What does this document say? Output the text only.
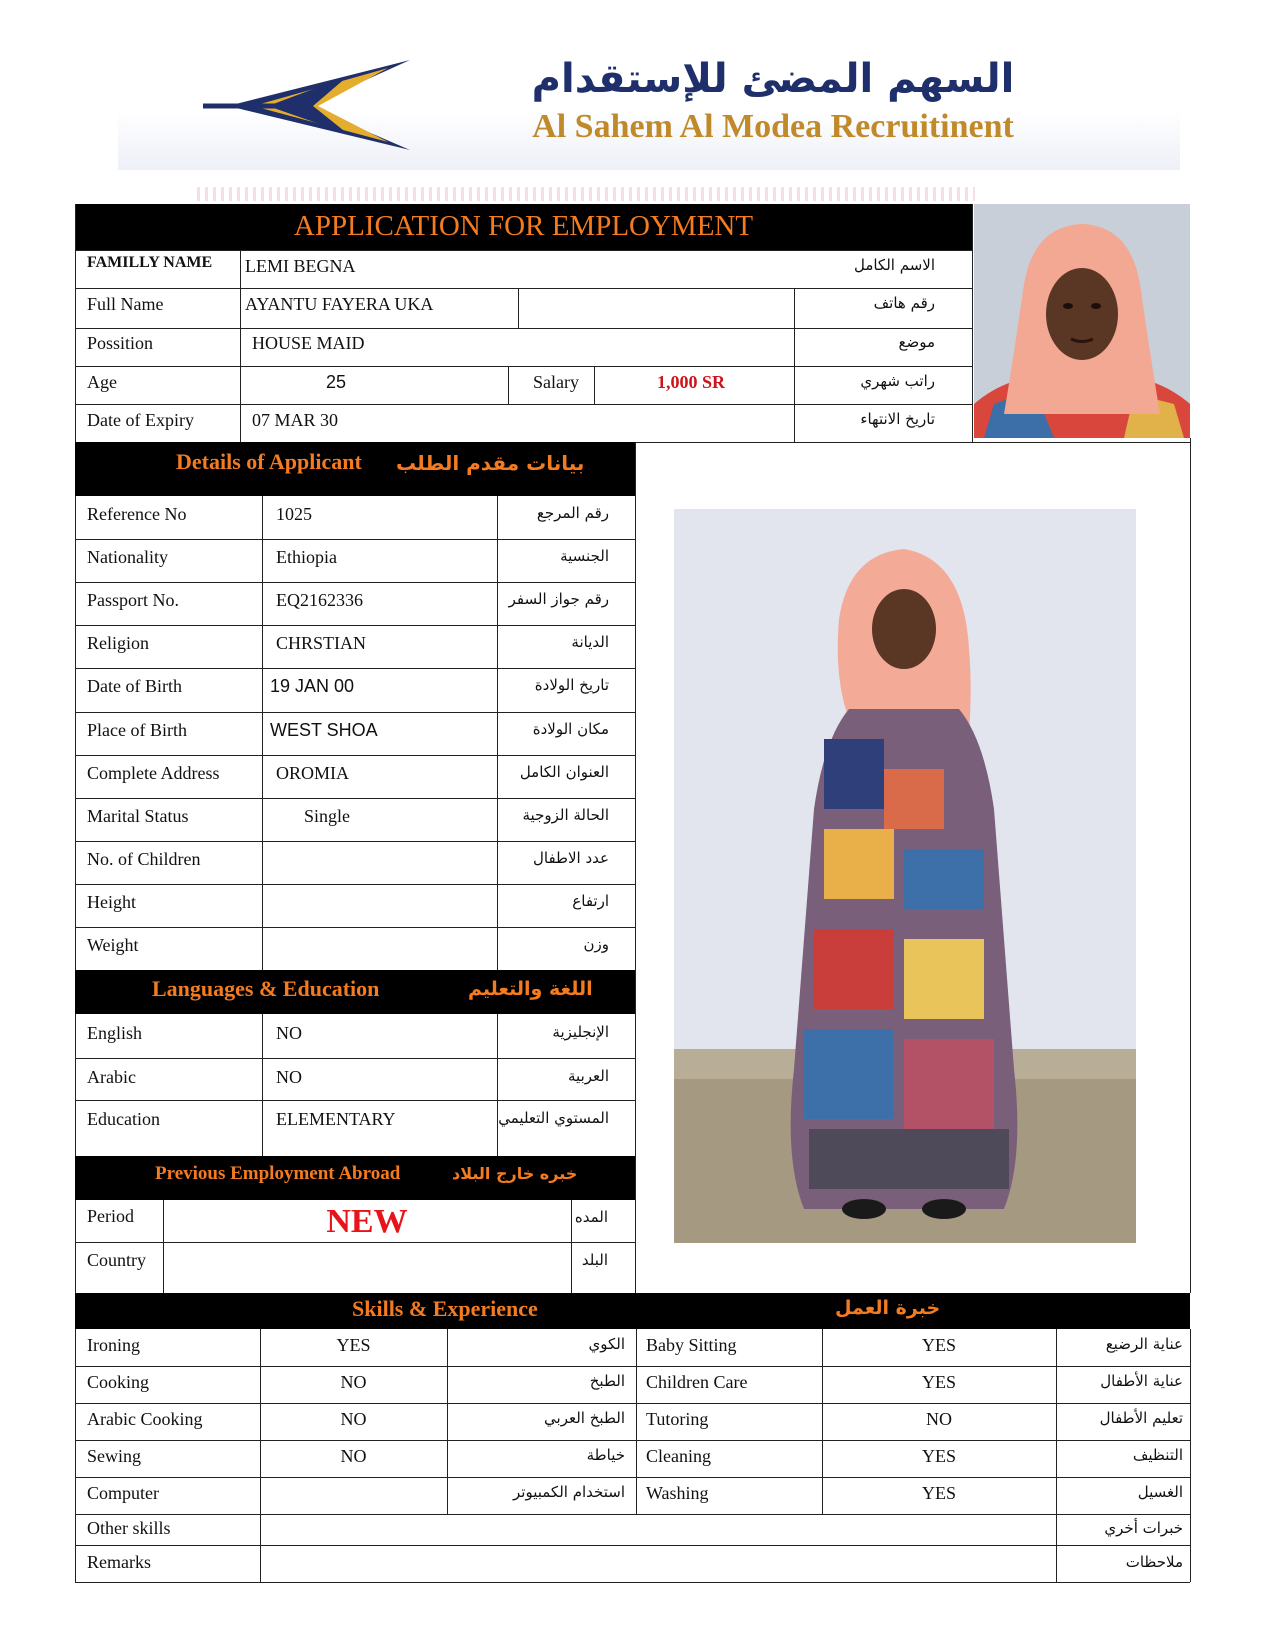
السهم المضئ للإستقدام
Al Sahem Al Modea Recruitinent
APPLICATION FOR EMPLOYMENT
FAMILLY NAME LEMI BEGNA	الاسم الكامل
Full Name	AYANTU FAYERA UKA	رقم هاتف
Possition	HOUSE MAID	موضع
Age	25	Salary	1,000 SR	راتب شهري
Date of Expiry	07 MAR 30	تاريخ الانتهاء
Details of Applicant بيانات مقدم الطلب
Reference No	1025	رقم المرجع
Nationality	Ethiopia	الجنسية
Passport No.	EQ2162336	رقم جواز السفر
Religion	CHRSTIAN	الديانة
Date of Birth	19 JAN 00	تاريخ الولادة
Place of Birth	WEST SHOA	مكان الولادة
Complete Address	OROMIA	العنوان الكامل
Marital Status	Single	الحالة الزوجية
No. of Children	عدد الاطفال
Height	ارتفاع
Weight	وزن
Languages & Education	اللغة والتعليم
English	NO	الإنجليزية
Arabic	NO	العربية
Education	ELEMENTARY	المستوي التعليمي
Previous Employment Abroad	خبره خارج البلاد
Period	NEW	المده
Country	البلد
Skills & Experience	خبرة العمل
Ironing	YES	الكوي Baby Sitting	YES	عناية الرضيع
Cooking	NO	الطبخ Children Care	YES	عناية الأطفال
Arabic Cooking	NO	الطبخ العربي Tutoring	NO	تعليم الأطفال
Sewing	NO	خياطة Cleaning	YES	التنظيف
Computer	استخدام الكمبيوتر Washing	YES	الغسيل
Other skills	خبرات أخري
Remarks	ملاحظات
